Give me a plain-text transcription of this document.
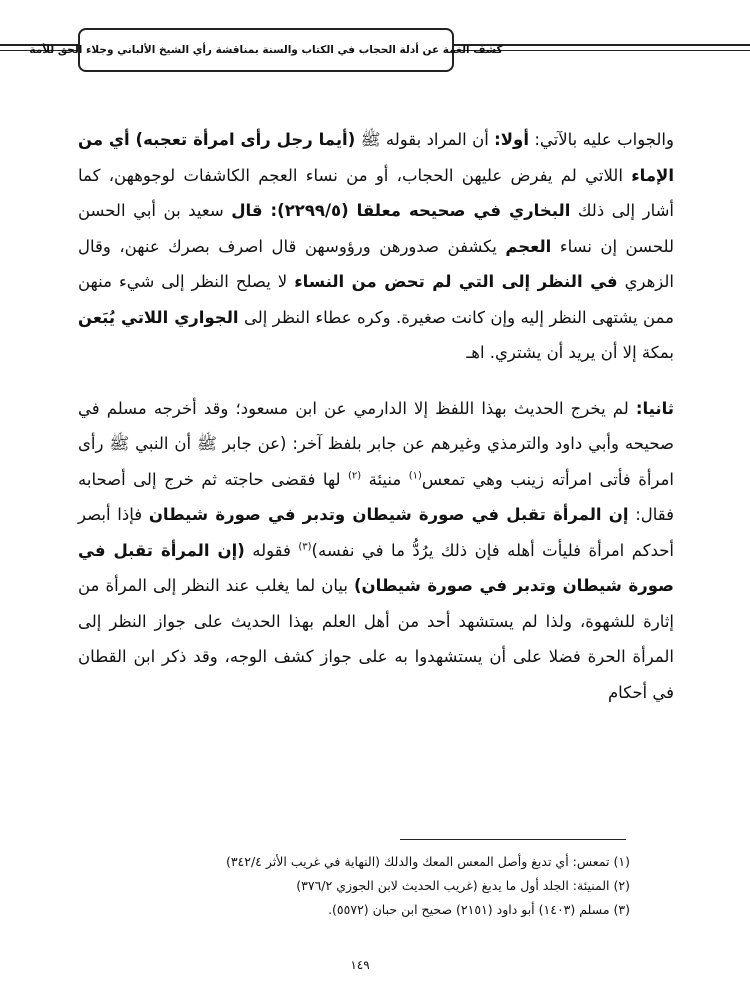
كشف الغمة عن أدلة الحجاب في الكتاب والسنة بمناقشة رأي الشيخ الألباني وجلاء الحق للأمة

والجواب عليه بالآتي: أولا: أن المراد بقوله ﷺ (أيما رجل رأى امرأة تعجبه) أي من الإماء اللاتي لم يفرض عليهن الحجاب، أو من نساء العجم الكاشفات لوجوههن، كما أشار إلى ذلك البخاري في صحيحه معلقا (٢٢٩٩/٥): قال سعيد بن أبي الحسن للحسن إن نساء العجم يكشفن صدورهن ورؤوسهن قال اصرف بصرك عنهن، وقال الزهري في النظر إلى التي لم تحض من النساء لا يصلح النظر إلى شيء منهن ممن يشتهى النظر إليه وإن كانت صغيرة. وكره عطاء النظر إلى الجواري اللاتي يُبَعن بمكة إلا أن يريد أن يشتري. اهـ

ثانيا: لم يخرج الحديث بهذا اللفظ إلا الدارمي عن ابن مسعود؛ وقد أخرجه مسلم في صحيحه وأبي داود والترمذي وغيرهم عن جابر بلفظ آخر: (عن جابر ﷺ أن النبي ﷺ رأى امرأة فأتى امرأته زينب وهي تمعس$^{(١)}$ منيئة $^{(٢)}$ لها فقضى حاجته ثم خرج إلى أصحابه فقال: إن المرأة تقبل في صورة شيطان وتدبر في صورة شيطان فإذا أبصر أحدكم امرأة فليأت أهله فإن ذلك يرُدُّ ما في نفسه)$^{(٣)}$ فقوله (إن المرأة تقبل في صورة شيطان وتدبر في صورة شيطان) بيان لما يغلب عند النظر إلى المرأة من إثارة للشهوة، ولذا لم يستشهد أحد من أهل العلم بهذا الحديث على جواز النظر إلى المرأة الحرة فضلا على أن يستشهدوا به على جواز كشف الوجه، وقد ذكر ابن القطان في أحكام

(١) تمعس: أي تدبغ وأصل المعس المعك والدلك (النهاية في غريب الأثر ٣٤٢/٤)
(٢) المنيئة: الجلد أول ما يدبغ (غريب الحديث لابن الجوزي ٣٧٦/٢)
(٣) مسلم (١٤٠٣) أبو داود (٢١٥١) صحيح ابن حبان (٥٥٧٢).
١٤٩
